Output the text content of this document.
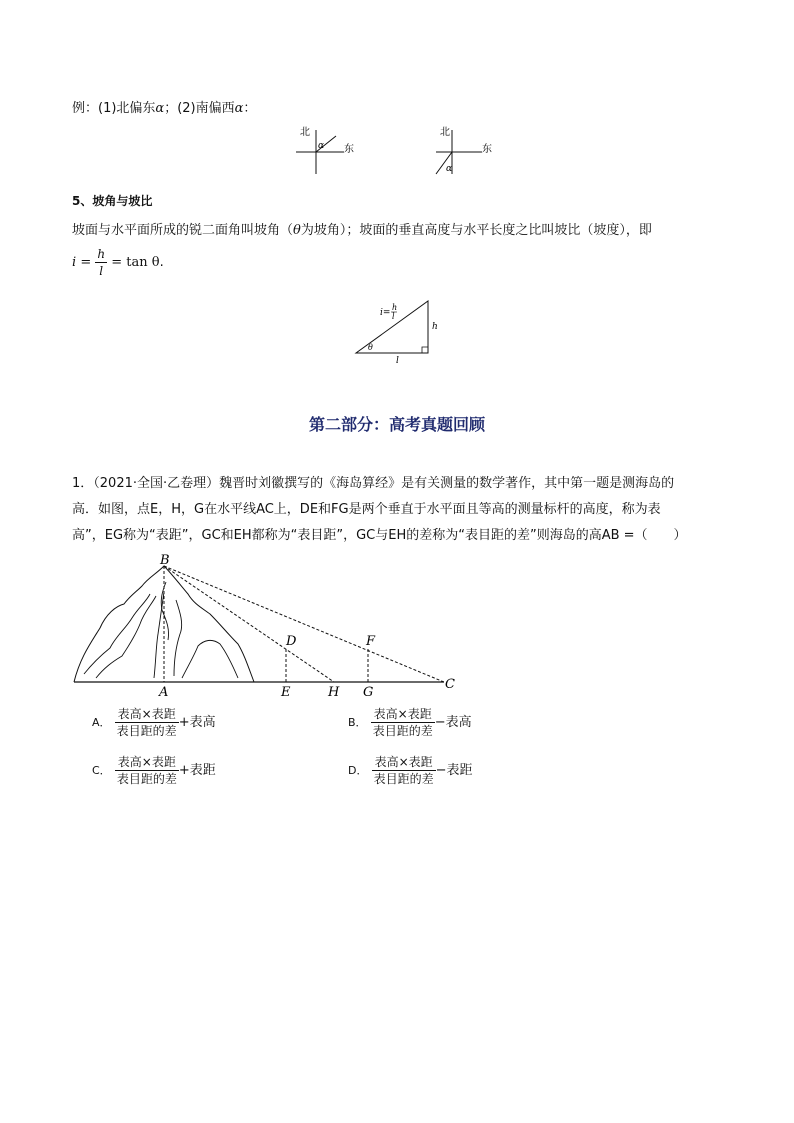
例：(1)北偏东α；(2)南偏西α：
北
东
α
北
东
α
5、坡角与坡比
坡面与水平面所成的锐二面角叫坡角（θ为坡角）；坡面的垂直高度与水平长度之比叫坡比（坡度），即
$i = \frac{h}{l} = \tan \theta$.
i=
h
l
h
l
θ
第二部分：高考真题回顾
1．（2021·全国·乙卷理）魏晋时刘徽撰写的《海岛算经》是有关测量的数学著作，其中第一题是测海岛的
高．如图，点E，H，G在水平线AC上，DE和FG是两个垂直于水平面且等高的测量标杆的高度，称为表
高”，EG称为“表距”，GC和EH都称为“表目距”，GC与EH的差称为“表目距的差”则海岛的高AB =（　　）
B
D	F
A	E	H G
C
A． $\frac{\text{表高×表距}}{\text{表目距的差}}$ +表高	B． $\frac{\text{表高×表距}}{\text{表目距的差}}$ −表高
C． $\frac{\text{表高×表距}}{\text{表目距的差}}$ +表距	D． $\frac{\text{表高×表距}}{\text{表目距的差}}$ −表距
